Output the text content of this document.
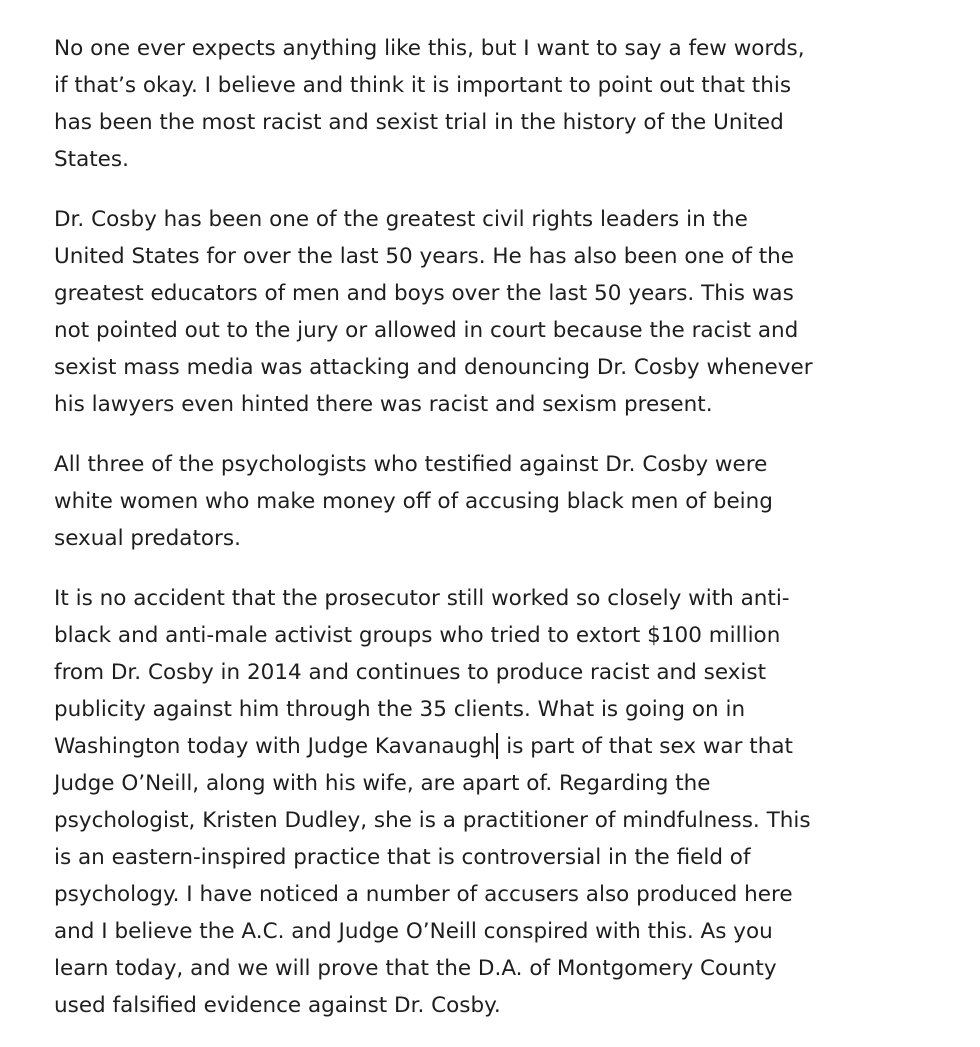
No one ever expects anything like this, but I want to say a few words,
if that’s okay. I believe and think it is important to point out that this
has been the most racist and sexist trial in the history of the United
States.

Dr. Cosby has been one of the greatest civil rights leaders in the
United States for over the last 50 years. He has also been one of the
greatest educators of men and boys over the last 50 years. This was
not pointed out to the jury or allowed in court because the racist and
sexist mass media was attacking and denouncing Dr. Cosby whenever
his lawyers even hinted there was racist and sexism present.

All three of the psychologists who testified against Dr. Cosby were
white women who make money off of accusing black men of being
sexual predators.

It is no accident that the prosecutor still worked so closely with anti-
black and anti-male activist groups who tried to extort $100 million
from Dr. Cosby in 2014 and continues to produce racist and sexist
publicity against him through the 35 clients. What is going on in
Washington today with Judge Kavanaugh is part of that sex war that
Judge O’Neill, along with his wife, are apart of. Regarding the
psychologist, Kristen Dudley, she is a practitioner of mindfulness. This
is an eastern-inspired practice that is controversial in the field of
psychology. I have noticed a number of accusers also produced here
and I believe the A.C. and Judge O’Neill conspired with this. As you
learn today, and we will prove that the D.A. of Montgomery County
used falsified evidence against Dr. Cosby.
